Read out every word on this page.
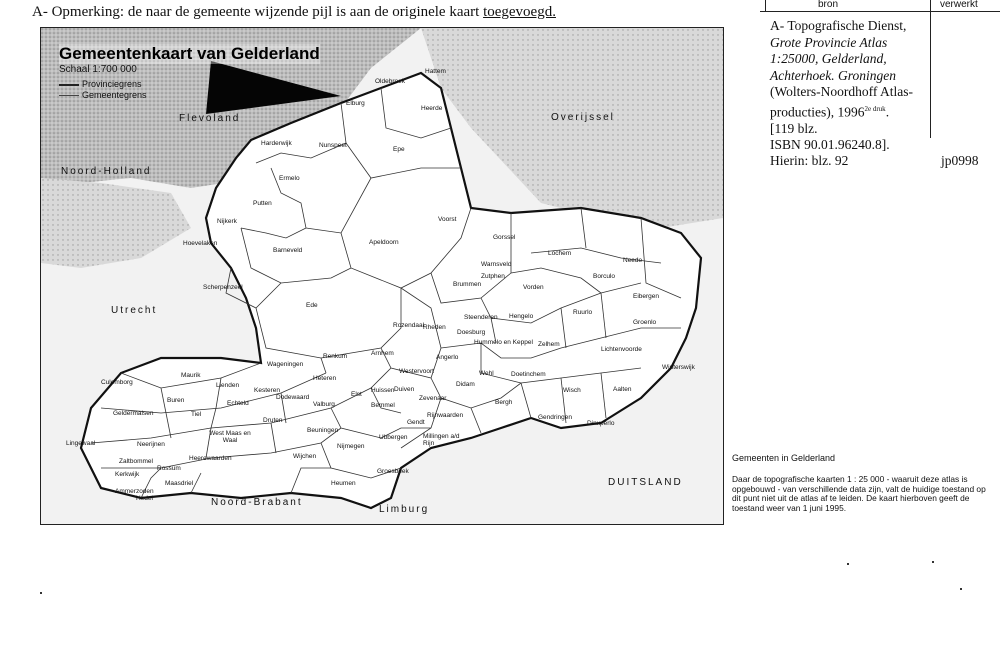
A- Opmerking: de naar de gemeente wijzende pijl is aan de originele kaart toegevoegd.
Gemeentenkaart van Gelderland
Schaal 1:700 000
Provinciegrens
Gemeentegrens
Flevoland
Noord-Holland
Utrecht
Overijssel
DUITSLAND
Noord-Brabant
Limburg
Hattem
Oldebroek
Elburg
Heerde
Harderwijk	Nunspeet
Epe
Ermelo
Putten
Nijkerk	Voorst
Gorssel
Apeldoorn
Barneveld
Hoevelaken
Lochem
Neede
Warnsveld
Zutphen
Vorden
Borculo
Brummen
Eibergen
Scherpenzeel
Ede
Steenderen Hengelo
Ruurlo
Groenlo
Rozendaal
Rheden
Doesburg
Hummelo en Keppel Zelhem
Lichtenvoorde
Wageningen
Renkum	Arnhem
Angerlo
Winterswijk
Culemborg
Maurik
Lienden
Heteren
Westervoort	Wehl	Doetinchem
Kesteren	Duiven
Didam
Aalten
Dodewaard
Huissen	Wisch
Buren	Echteld	Valburg
Elst
Bemmel
Zevenaar
Bergh
Geldermalsen	Tiel
Druten	Gendt
Rijnwaarden	Gendringen
Dinxperlo
Lingewaal	Neerijnen
West Maas en Waal
Beuningen
Ubbergen Millingen a/d Rijn
Nijmegen
Zaltbommel	Heerewaarden	Wijchen
Kerkwijk
Rossum
Ammerzoden
Maasdriel	Heumen
Hedel
Groesbeek
bron	verwerkt
A- Topografische Dienst,
Grote Provincie Atlas
1:25000, Gelderland,
Achterhoek. Groningen
(Wolters-Noordhoff Atlas-
producties), $1996^{2e druk}$.
[119 blz.
ISBN 90.01.96240.8].
Hierin: blz. 92	jp0998
Gemeenten in Gelderland
Daar de topografische kaarten 1 : 25 000 - waaruit deze atlas is opgebouwd - van verschillende data zijn, valt de huidige toestand op dit punt niet uit de atlas af te leiden. De kaart hierboven geeft de toestand weer van 1 juni 1995.
